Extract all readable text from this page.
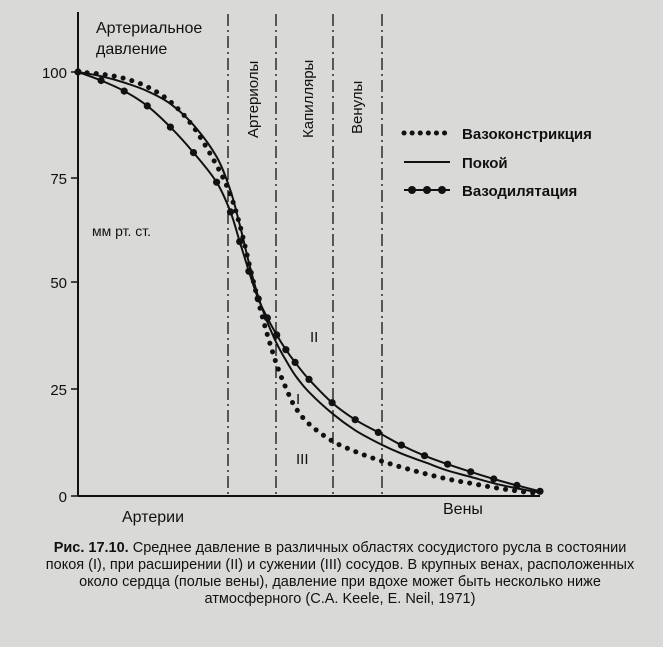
Артериальное
давление
мм рт. ст.
0
25
50
75
100	Артериолы	Капилляры Венулы
Артерии	Вены
II
I
III
Вазоконстрикция
Покой
Вазодилятация
Рис. 17.10. Среднее давление в различных областях сосудистого русла в состоянии покоя (I), при расширении (II) и сужении (III) сосудов. В крупных венах, расположенных около сердца (полые вены), давление при вдохе может быть несколько ниже атмосферного (C.A. Keele, E. Neil, 1971)
